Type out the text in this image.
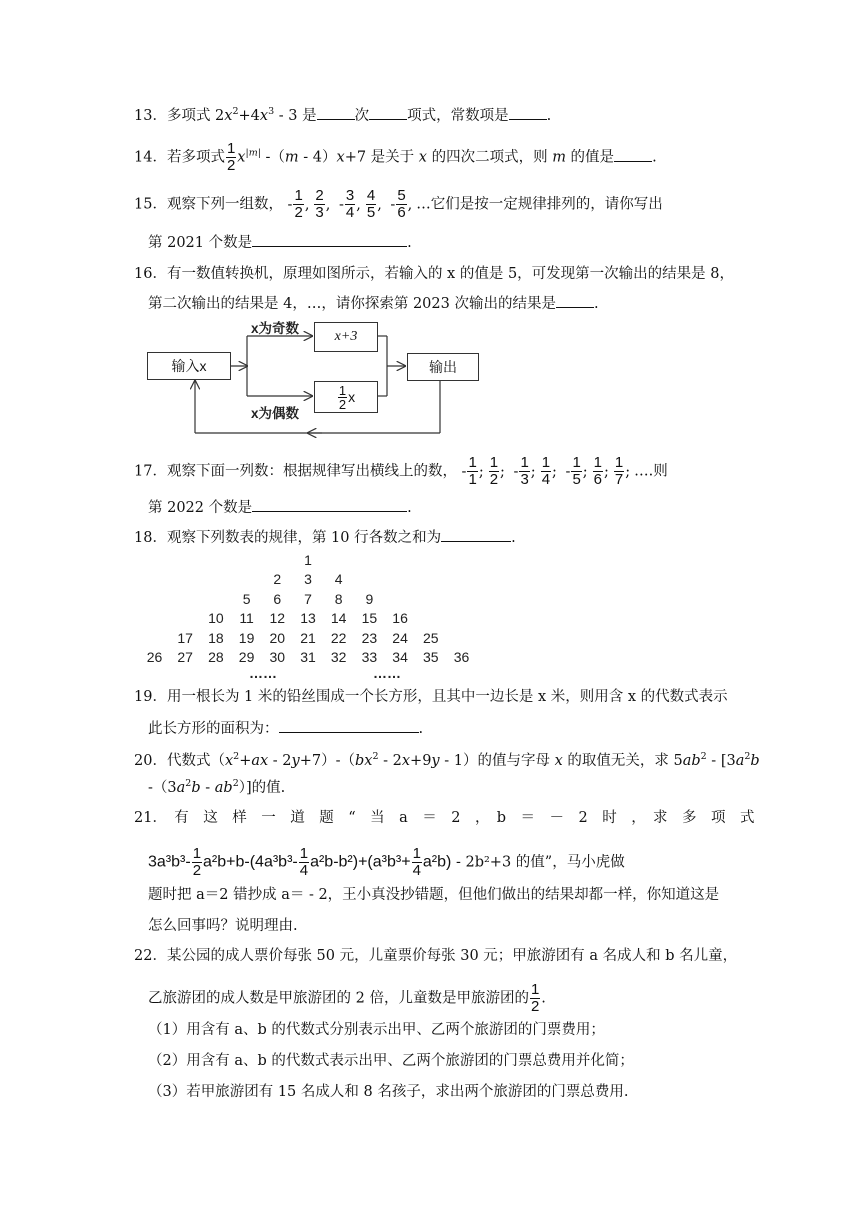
13．多项式 $2x^2+4x^3 - 3$ 是	次	项式，常数项是	.
14．若多项式 $\frac{1}{2} x^{|m|}$ -（m - 4）x+7 是关于 x 的四次二项式，则 m 的值是	.
15．观察下列一组数， - $\frac{1}{2}$ , $\frac{2}{3}$ , - $\frac{3}{4}$ , $\frac{4}{5}$ , - $\frac{5}{6}$ , …它们是按一定规律排列的，请你写出
第 2021 个数是	.
16．有一数值转换机，原理如图所示，若输入的 x 的值是 5，可发现第一次输出的结果是 8，
第二次输出的结果是 4，…，请你探索第 2023 次输出的结果是	.
输入x
x为奇数
x+3
$\frac{1}{2}$ x
x为偶数
输出
17．观察下面一列数：根据规律写出横线上的数， - $\frac{1}{1}$ ; $\frac{1}{2}$ ; - $\frac{1}{3}$ ; $\frac{1}{4}$ ; - $\frac{1}{5}$ ; $\frac{1}{6}$ ; $\frac{1}{7}$ ; ….则
第 2022 个数是	.
18．观察下列数表的规律，第 10 行各数之和为	.
1
2	3	4
5	6	7	8	9
10	11	12	13	14	15	16
17	18	19	20	21	22	23	24	25
26	27	28	29	30	31	32	33	34	35	36
……	……
19．用一根长为 1 米的铅丝围成一个长方形，且其中一边长是 x 米，则用含 x 的代数式表示
此长方形的面积为：	.
20．代数式$(x^2+ax - 2y+7)-(bx^2 - 2x+9y - 1)$的值与字母 x 的取值无关，求 $5ab^2 - [3a^2b$
$-(3a^2b - ab^2)$]的值.
21．　有　这　样　一　道　题　“　当　a　＝　2　，　b　＝　－　2　时　，　求　多　项　式
$3a^3b^3- \frac{1}{2} a^2b+b-(4a^3b^3- \frac{1}{4} a^2b-b^2)+(a^3b^3+ \frac{1}{4} a^2b) - 2b^2+3$ 的值”，马小虎做
题时把 a＝2 错抄成 a＝ - 2，王小真没抄错题，但他们做出的结果却都一样，你知道这是
怎么回事吗？说明理由.
22．某公园的成人票价每张 50 元，儿童票价每张 30 元；甲旅游团有 a 名成人和 b 名儿童，
乙旅游团的成人数是甲旅游团的 2 倍，儿童数是甲旅游团的 $\frac{1}{2}$ .
（1）用含有 a、b 的代数式分别表示出甲、乙两个旅游团的门票费用；
（2）用含有 a、b 的代数式表示出甲、乙两个旅游团的门票总费用并化简；
（3）若甲旅游团有 15 名成人和 8 名孩子，求出两个旅游团的门票总费用.
